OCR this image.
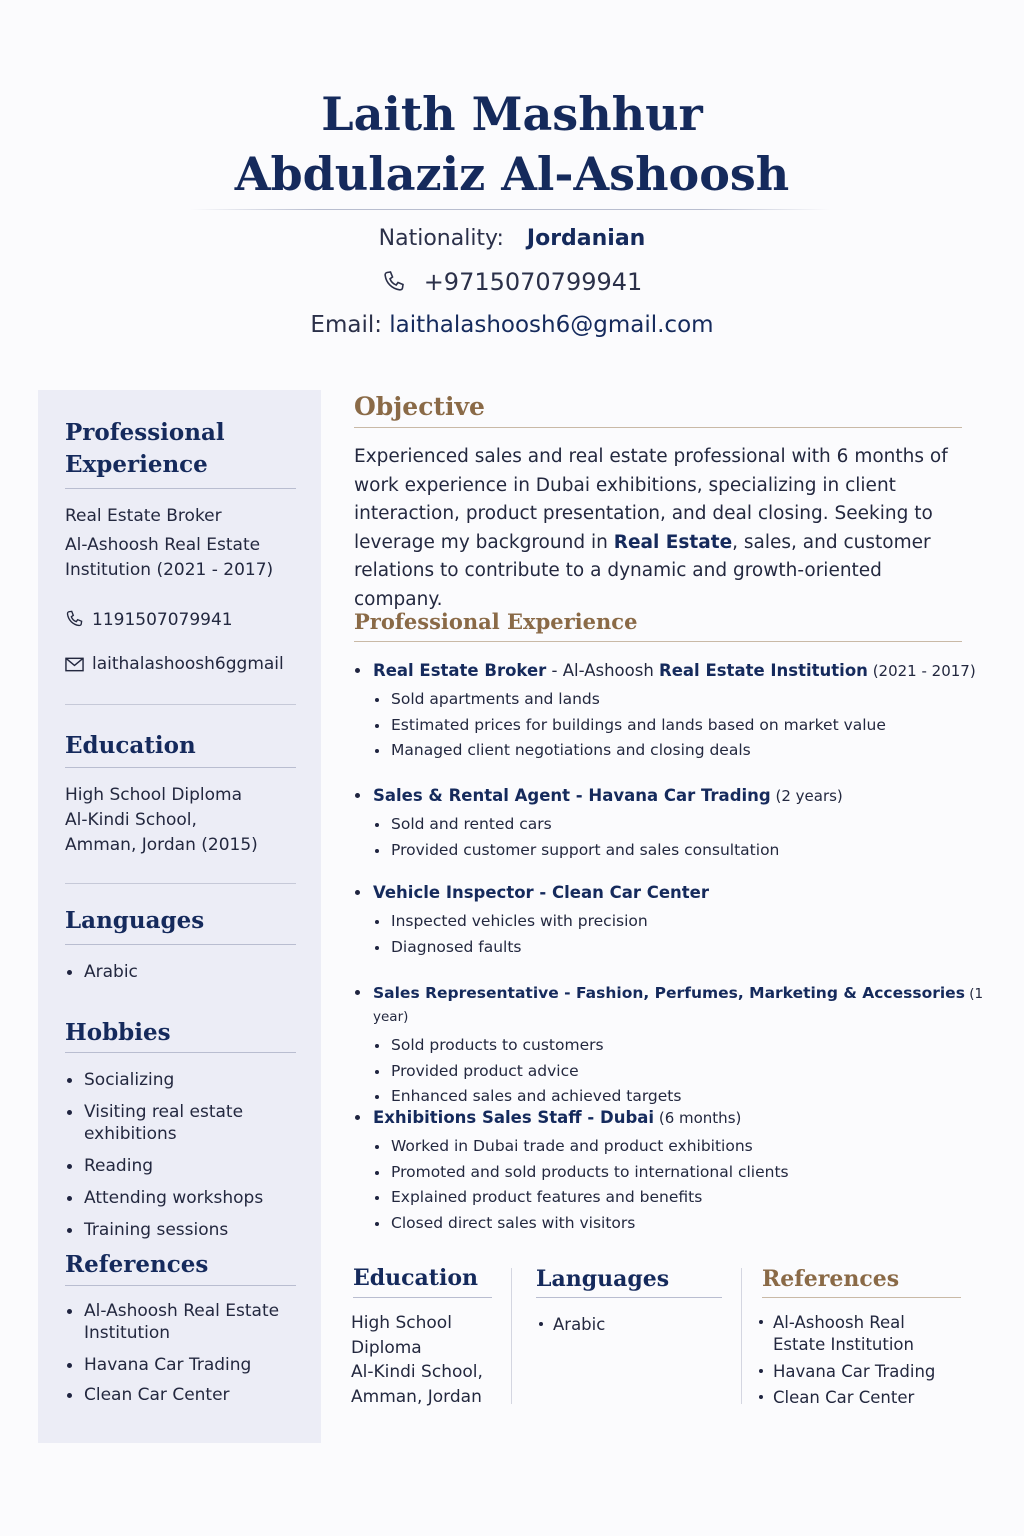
Laith Mashhur
Abdulaziz Al-Ashoosh
Nationality: Jordanian
+9715070799941
Email: laithalashoosh6@gmail.com
Professional
Experience
Real Estate Broker
Al-Ashoosh Real Estate
Institution (2021 - 2017)
1191507079941
laithalashoosh6ggmail
Education
High School Diploma
Al-Kindi School,
Amman, Jordan (2015)
Languages
Arabic
Hobbies
Socializing
Visiting real estate exhibitions
Reading
Attending workshops
Training sessions
References
Al-Ashoosh Real Estate Institution
Havana Car Trading
Clean Car Center
Objective
Experienced sales and real estate professional with 6 months of work experience in Dubai exhibitions, specializing in client interaction, product presentation, and deal closing. Seeking to leverage my background in Real Estate, sales, and customer relations to contribute to a dynamic and growth-oriented company.
Professional Experience
Real Estate Broker - Al-Ashoosh Real Estate Institution (2021 - 2017)
Sold apartments and lands
Estimated prices for buildings and lands based on market value
Managed client negotiations and closing deals
Sales & Rental Agent - Havana Car Trading (2 years)
Sold and rented cars
Provided customer support and sales consultation
Vehicle Inspector - Clean Car Center
Inspected vehicles with precision
Diagnosed faults
Sales Representative - Fashion, Perfumes, Marketing & Accessories (1 year)
Sold products to customers
Provided product advice
Enhanced sales and achieved targets
Exhibitions Sales Staff - Dubai (6 months)
Worked in Dubai trade and product exhibitions
Promoted and sold products to international clients
Explained product features and benefits
Closed direct sales with visitors
Education
High School
Diploma
Al-Kindi School,
Amman, Jordan
Languages
Arabic
References
Al-Ashoosh Real Estate Institution
Havana Car Trading
Clean Car Center
